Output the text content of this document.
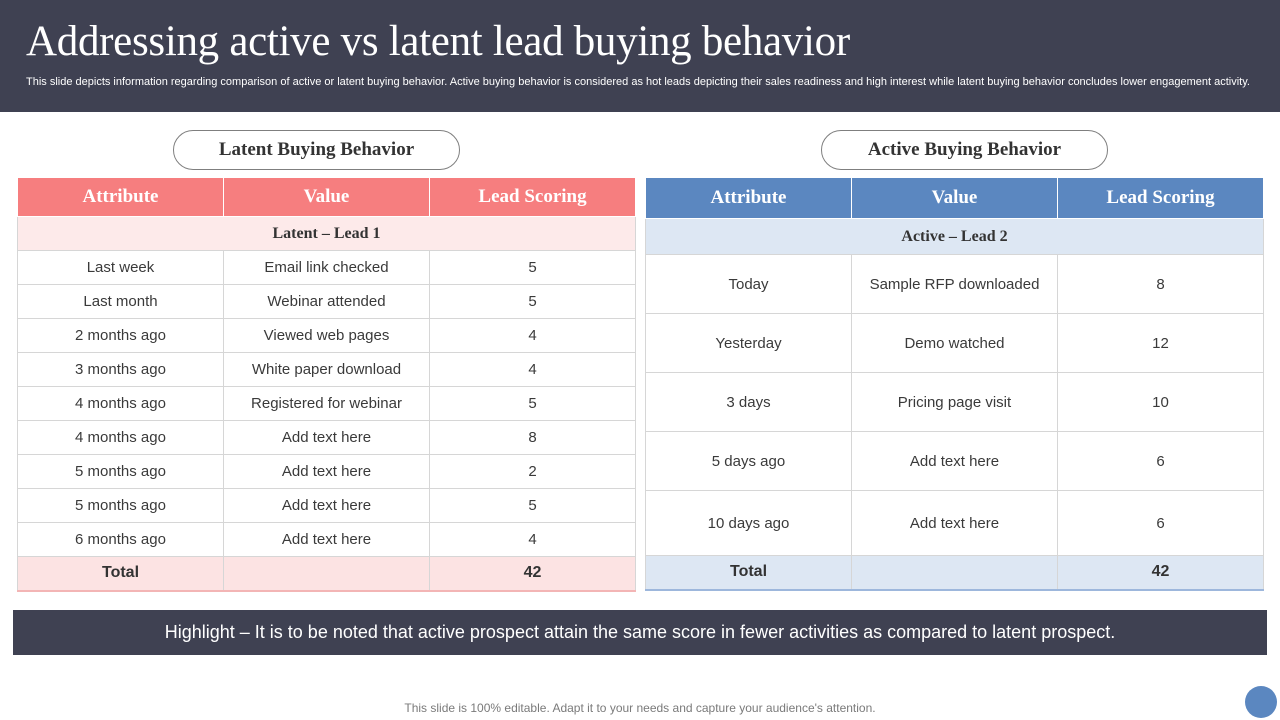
Addressing active vs latent lead buying behavior

This slide depicts information regarding comparison of active or latent buying behavior. Active buying behavior is considered as hot leads depicting their sales readiness and high interest while latent buying behavior concludes lower engagement activity.

Latent Buying Behavior	Active Buying Behavior
Attribute	Value	Lead Scoring
Latent – Lead 1		
Last week	Email link checked	5
Last month	Webinar attended	5
2 months ago	Viewed web pages	4
3 months ago	White paper download	4
4 months ago	Registered for webinar	5
4 months ago	Add text here	8
5 months ago	Add text here	2
5 months ago	Add text here	5
6 months ago	Add text here	4
Total		42
Attribute	Value	Lead Scoring
Active – Lead 2		
Today	Sample RFP downloaded	8
Yesterday	Demo watched	12
3 days	Pricing page visit	10
5 days ago	Add text here	6
10 days ago	Add text here	6
Total		42
Highlight – It is to be noted that active prospect attain the same score in fewer activities as compared to latent prospect.
This slide is 100% editable. Adapt it to your needs and capture your audience's attention.
